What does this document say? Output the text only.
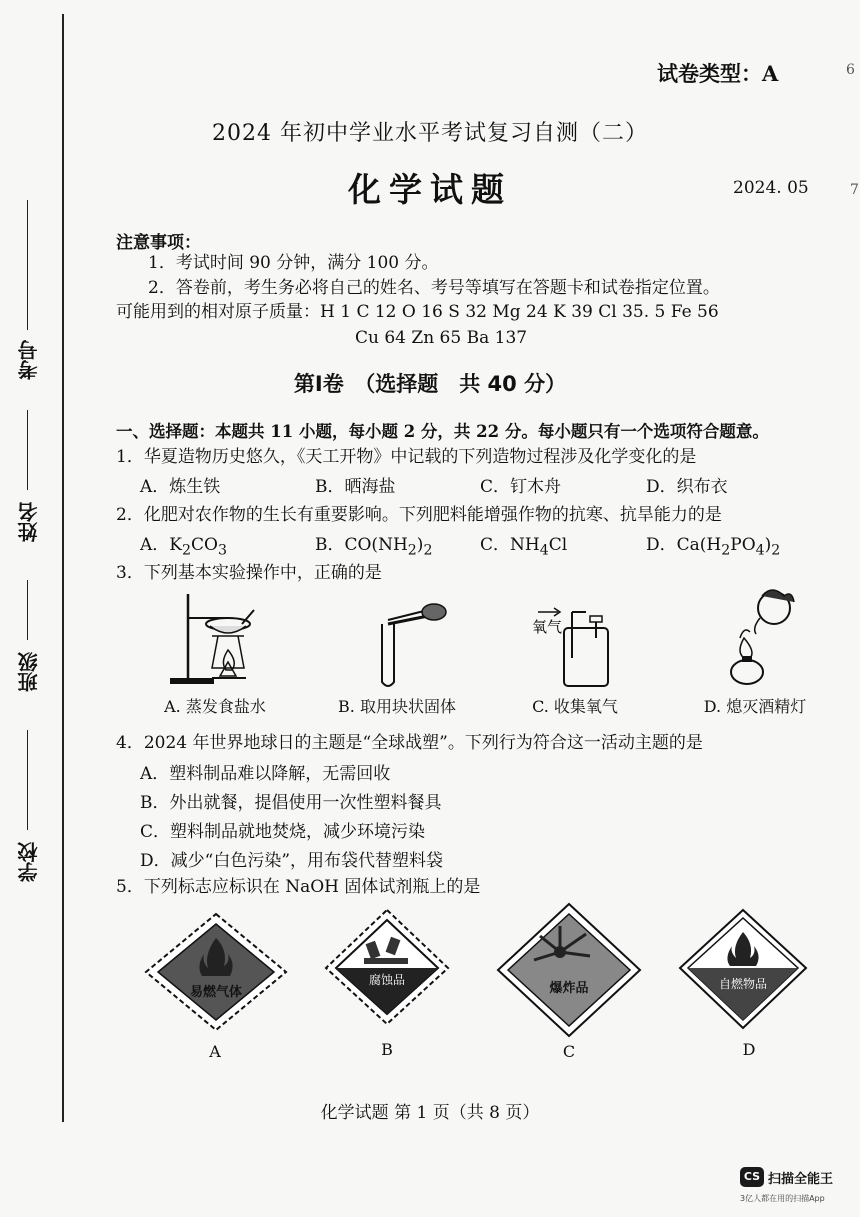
考号
姓名
班级
学校
6
7
试卷类型：A
2024 年初中学业水平考试复习自测（二）
化学试题	2024. 05
注意事项：
1．考试时间 90 分钟，满分 100 分。
2．答卷前，考生务必将自己的姓名、考号等填写在答题卡和试卷指定位置。
可能用到的相对原子质量：H 1 C 12 O 16 S 32 Mg 24 K 39 Cl 35. 5 Fe 56
Cu 64 Zn 65 Ba 137
第Ⅰ卷　（选择题　共 40 分）
一、选择题：本题共 11 小题，每小题 2 分，共 22 分。每小题只有一个选项符合题意。
1．华夏造物历史悠久，《天工开物》中记载的下列造物过程涉及化学变化的是
A．炼生铁	B．晒海盐	C．钉木舟	D．织布衣
2．化肥对农作物的生长有重要影响。下列肥料能增强作物的抗寒、抗旱能力的是
A．$K_2CO_3$	B．$CO(NH_2)_2$	C．$NH_4Cl$	D．$Ca(H_2PO_4)_2$
3．下列基本实验操作中，正确的是
氧气
A. 蒸发食盐水	B. 取用块状固体	C. 收集氧气	D. 熄灭酒精灯
4．2024 年世界地球日的主题是“全球战塑”。下列行为符合这一活动主题的是
A．塑料制品难以降解，无需回收
B．外出就餐，提倡使用一次性塑料餐具
C．塑料制品就地焚烧，减少环境污染
D．减少“白色污染”，用布袋代替塑料袋
5．下列标志应标识在 NaOH 固体试剂瓶上的是
易燃气体
腐蚀品
爆炸品	自燃物品
A	B	C	D
化学试题 第 1 页（共 8 页）
CS 扫描全能王
3亿人都在用的扫描App
